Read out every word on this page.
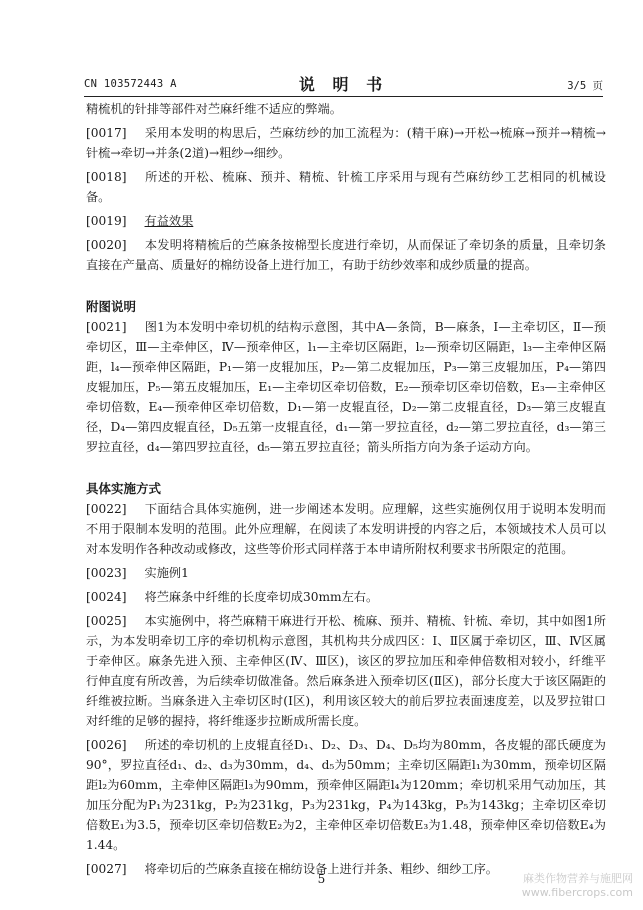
CN 103572443 A	说 明 书	3/5 页

精梳机的针排等部件对苎麻纤维不适应的弊端。

[0017] 采用本发明的构思后，苎麻纺纱的加工流程为：(精干麻)→开松→梳麻→预并→精梳→针梳→牵切→并条(2道)→粗纱→细纱。

[0018] 所述的开松、梳麻、预并、精梳、针梳工序采用与现有苎麻纺纱工艺相同的机械设备。

[0019] 有益效果

[0020] 本发明将精梳后的苎麻条按棉型长度进行牵切，从而保证了牵切条的质量，且牵切条直接在产量高、质量好的棉纺设备上进行加工，有助于纺纱效率和成纱质量的提高。

附图说明

[0021] 图1为本发明中牵切机的结构示意图，其中A—条筒，B—麻条，Ⅰ—主牵切区，Ⅱ—预牵切区，Ⅲ—主牵伸区，Ⅳ—预牵伸区，l₁—主牵切区隔距，l₂—预牵切区隔距，l₃—主牵伸区隔距，l₄—预牵伸区隔距，P₁—第一皮辊加压，P₂—第二皮辊加压，P₃—第三皮辊加压，P₄—第四皮辊加压，P₅—第五皮辊加压，E₁—主牵切区牵切倍数，E₂—预牵切区牵切倍数，E₃—主牵伸区牵切倍数，E₄—预牵伸区牵切倍数，D₁—第一皮辊直径，D₂—第二皮辊直径，D₃—第三皮辊直径，D₄—第四皮辊直径，D₅五第一皮辊直径，d₁—第一罗拉直径，d₂—第二罗拉直径，d₃—第三罗拉直径，d₄—第四罗拉直径，d₅—第五罗拉直径；箭头所指方向为条子运动方向。

具体实施方式

[0022] 下面结合具体实施例，进一步阐述本发明。应理解，这些实施例仅用于说明本发明而不用于限制本发明的范围。此外应理解，在阅读了本发明讲授的内容之后，本领域技术人员可以对本发明作各种改动或修改，这些等价形式同样落于本申请所附权利要求书所限定的范围。

[0023] 实施例1

[0024] 将苎麻条中纤维的长度牵切成30mm左右。

[0025] 本实施例中，将苎麻精干麻进行开松、梳麻、预并、精梳、针梳、牵切，其中如图1所示，为本发明牵切工序的牵切机构示意图，其机构共分成四区：Ⅰ、Ⅱ区属于牵切区，Ⅲ、Ⅳ区属于牵伸区。麻条先进入预、主牵伸区(Ⅳ、Ⅲ区)，该区的罗拉加压和牵伸倍数相对较小，纤维平行伸直度有所改善，为后续牵切做准备。然后麻条进入预牵切区(Ⅱ区)，部分长度大于该区隔距的纤维被拉断。当麻条进入主牵切区时(Ⅰ区)，利用该区较大的前后罗拉表面速度差，以及罗拉钳口对纤维的足够的握持，将纤维逐步拉断成所需长度。

[0026] 所述的牵切机的上皮辊直径D₁、D₂、D₃、D₄、D₅均为80mm，各皮辊的邵氏硬度为90°，罗拉直径d₁、d₂、d₃为30mm，d₄、d₅为50mm；主牵切区隔距l₁为30mm，预牵切区隔距l₂为60mm，主牵伸区隔距l₃为90mm，预牵伸区隔距l₄为120mm；牵切机采用气动加压，其加压分配为P₁为231kg，P₂为231kg，P₃为231kg，P₄为143kg，P₅为143kg；主牵切区牵切倍数E₁为3.5，预牵切区牵切倍数E₂为2，主牵伸区牵切倍数E₃为1.48，预牵伸区牵切倍数E₄为1.44。

[0027] 将牵切后的苎麻条直接在棉纺设备上进行并条、粗纱、细纱工序。

5	麻类作物营养与施肥网
www.fibercrops.com
